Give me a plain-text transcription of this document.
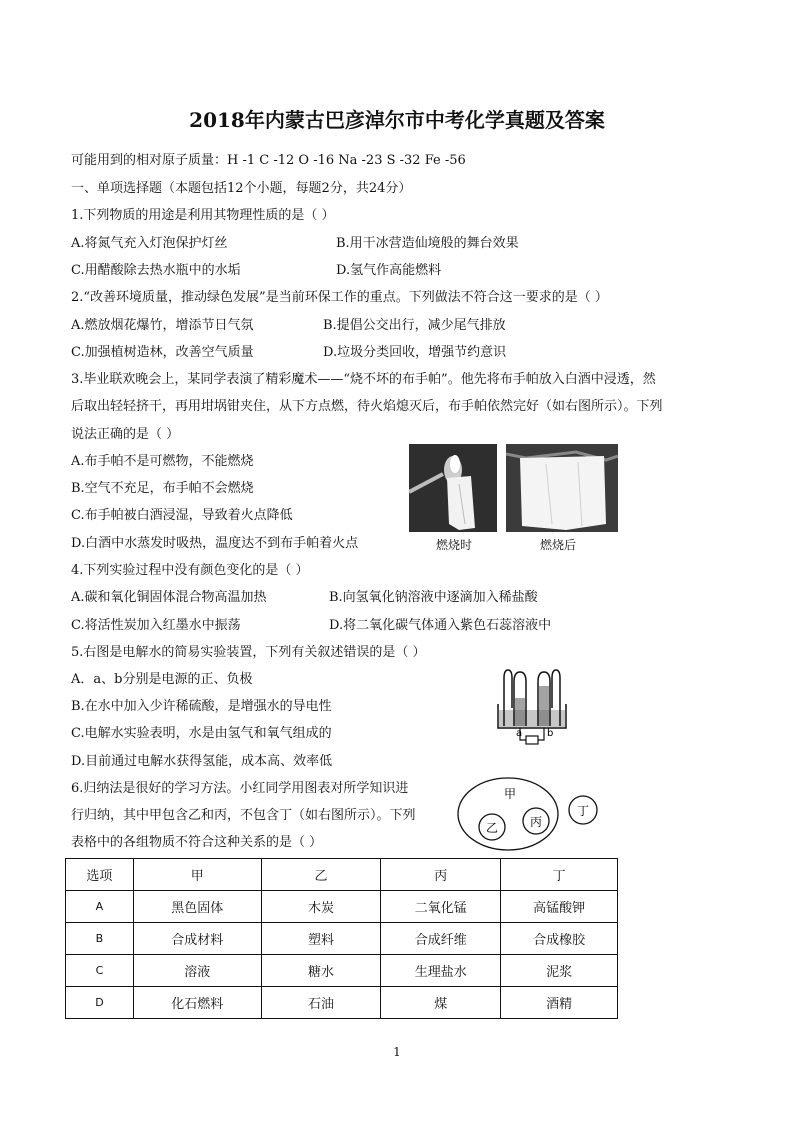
2018年内蒙古巴彦淖尔市中考化学真题及答案
可能用到的相对原子质量：H -1 C -12 O -16 Na -23 S -32 Fe -56
一、单项选择题（本题包括12个小题，每题2分，共24分）
1.下列物质的用途是利用其物理性质的是（ ）
A.将氮气充入灯泡保护灯丝	B.用干冰营造仙境般的舞台效果
C.用醋酸除去热水瓶中的水垢	D.氢气作高能燃料
2.“改善环境质量，推动绿色发展”是当前环保工作的重点。下列做法不符合这一要求的是（ ）
A.燃放烟花爆竹，增添节日气氛	B.提倡公交出行，减少尾气排放
C.加强植树造林，改善空气质量	D.垃圾分类回收，增强节约意识
3.毕业联欢晚会上，某同学表演了精彩魔术——“烧不坏的布手帕”。他先将布手帕放入白酒中浸透，然
后取出轻轻挤干，再用坩埚钳夹住，从下方点燃，待火焰熄灭后，布手帕依然完好（如右图所示）。下列
说法正确的是（ ）
A.布手帕不是可燃物，不能燃烧
B.空气不充足，布手帕不会燃烧
C.布手帕被白酒浸湿，导致着火点降低
D.白酒中水蒸发时吸热，温度达不到布手帕着火点	燃烧时	燃烧后
4.下列实验过程中没有颜色变化的是（ ）
A.碳和氧化铜固体混合物高温加热	B.向氢氧化钠溶液中逐滴加入稀盐酸
C.将活性炭加入红墨水中振荡	D.将二氧化碳气体通入紫色石蕊溶液中
5.右图是电解水的简易实验装置，下列有关叙述错误的是（ ）
A．a、b分别是电源的正、负极
B.在水中加入少许稀硫酸，是增强水的导电性
C.电解水实验表明，水是由氢气和氧气组成的
D.目前通过电解水获得氢能，成本高、效率低
a b
6.归纳法是很好的学习方法。小红同学用图表对所学知识进
行归纳，其中甲包含乙和丙，不包含丁（如右图所示）。下列
表格中的各组物质不符合这种关系的是（ ）
甲
乙	丙
丁
选项	甲	乙	丙	丁
A	黑色固体	木炭	二氧化锰	高锰酸钾
B	合成材料	塑料	合成纤维	合成橡胶
C	溶液	糖水	生理盐水	泥浆
D	化石燃料	石油	煤	酒精
1
